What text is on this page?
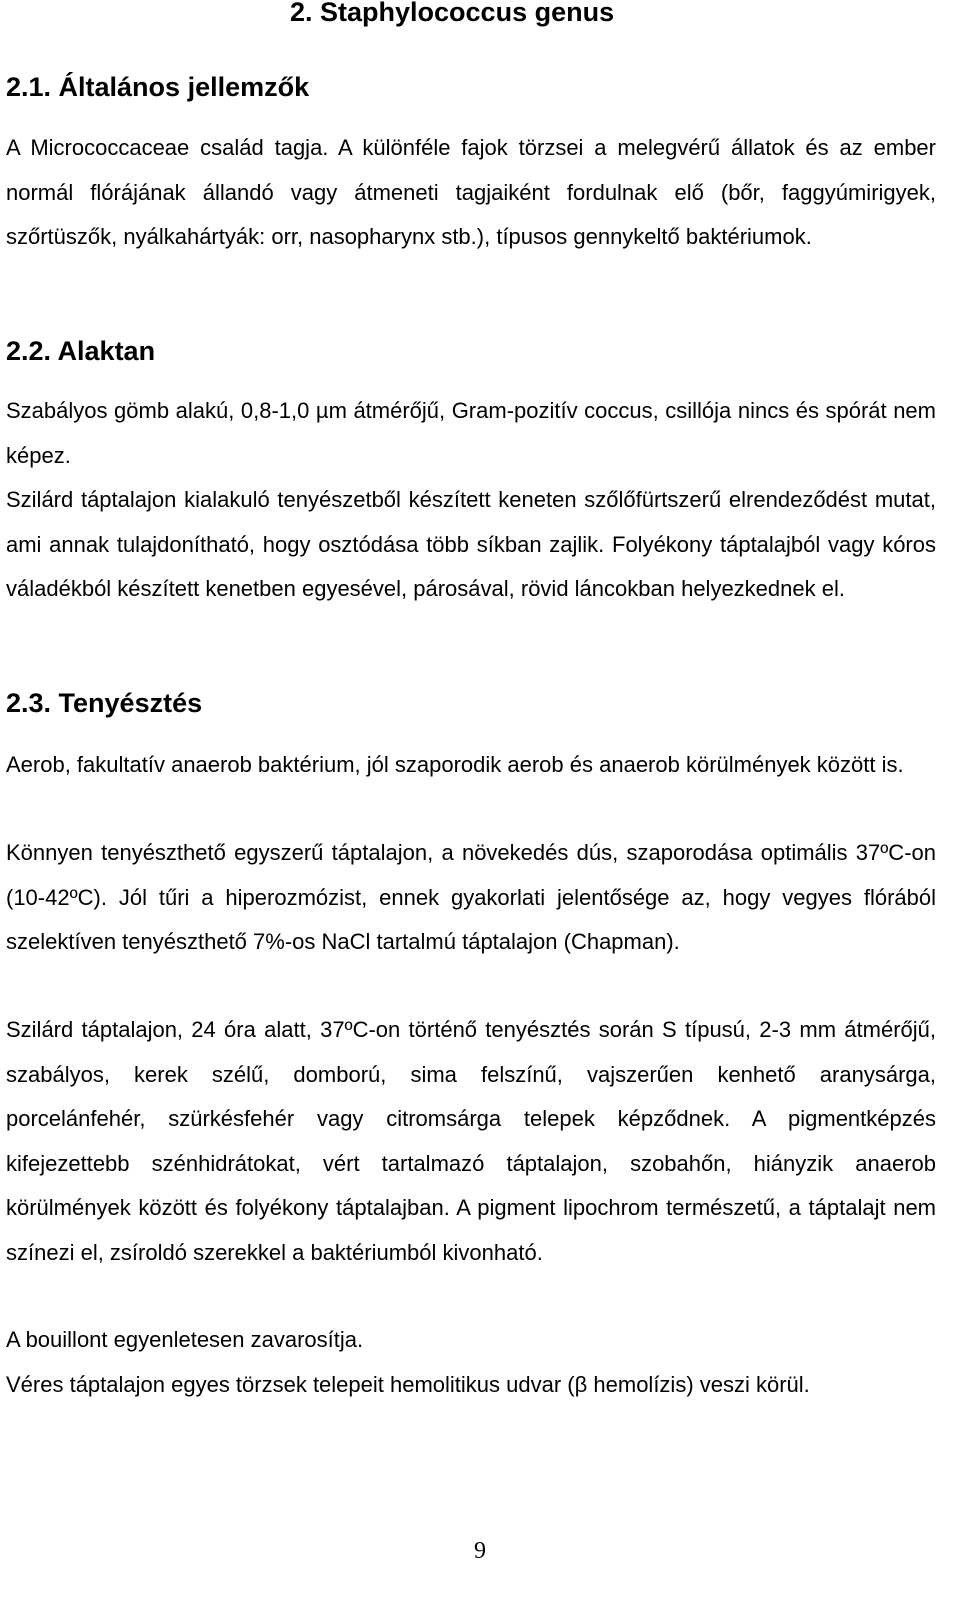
2. Staphylococcus genus
2.1. Általános jellemzők

A Micrococcaceae család tagja. A különféle fajok törzsei a melegvérű állatok és az ember normál flórájának állandó vagy átmeneti tagjaiként fordulnak elő (bőr, faggyúmirigyek, szőrtüszők, nyálkahártyák: orr, nasopharynx stb.), típusos gennykeltő baktériumok.

2.2. Alaktan

Szabályos gömb alakú, 0,8-1,0 µm átmérőjű, Gram-pozitív coccus, csillója nincs és spórát nem képez.

Szilárd táptalajon kialakuló tenyészetből készített keneten szőlőfürtszerű elrendeződést mutat, ami annak tulajdonítható, hogy osztódása több síkban zajlik. Folyékony táptalajból vagy kóros váladékból készített kenetben egyesével, párosával, rövid láncokban helyezkednek el.

2.3. Tenyésztés

Aerob, fakultatív anaerob baktérium, jól szaporodik aerob és anaerob körülmények között is.

Könnyen tenyészthető egyszerű táptalajon, a növekedés dús, szaporodása optimális 37ºC-on (10-42ºC). Jól tűri a hiperozmózist, ennek gyakorlati jelentősége az, hogy vegyes flórából szelektíven tenyészthető 7%-os NaCl tartalmú táptalajon (Chapman).

Szilárd táptalajon, 24 óra alatt, 37ºC-on történő tenyésztés során S típusú, 2-3 mm átmérőjű, szabályos, kerek szélű, domború, sima felszínű, vajszerűen kenhető aranysárga, porcelánfehér, szürkésfehér vagy citromsárga telepek képződnek. A pigmentképzés kifejezettebb szénhidrátokat, vért tartalmazó táptalajon, szobahőn, hiányzik anaerob körülmények között és folyékony táptalajban. A pigment lipochrom természetű, a táptalajt nem színezi el, zsíroldó szerekkel a baktériumból kivonható.

A bouillont egyenletesen zavarosítja.

Véres táptalajon egyes törzsek telepeit hemolitikus udvar (β hemolízis) veszi körül.

9
